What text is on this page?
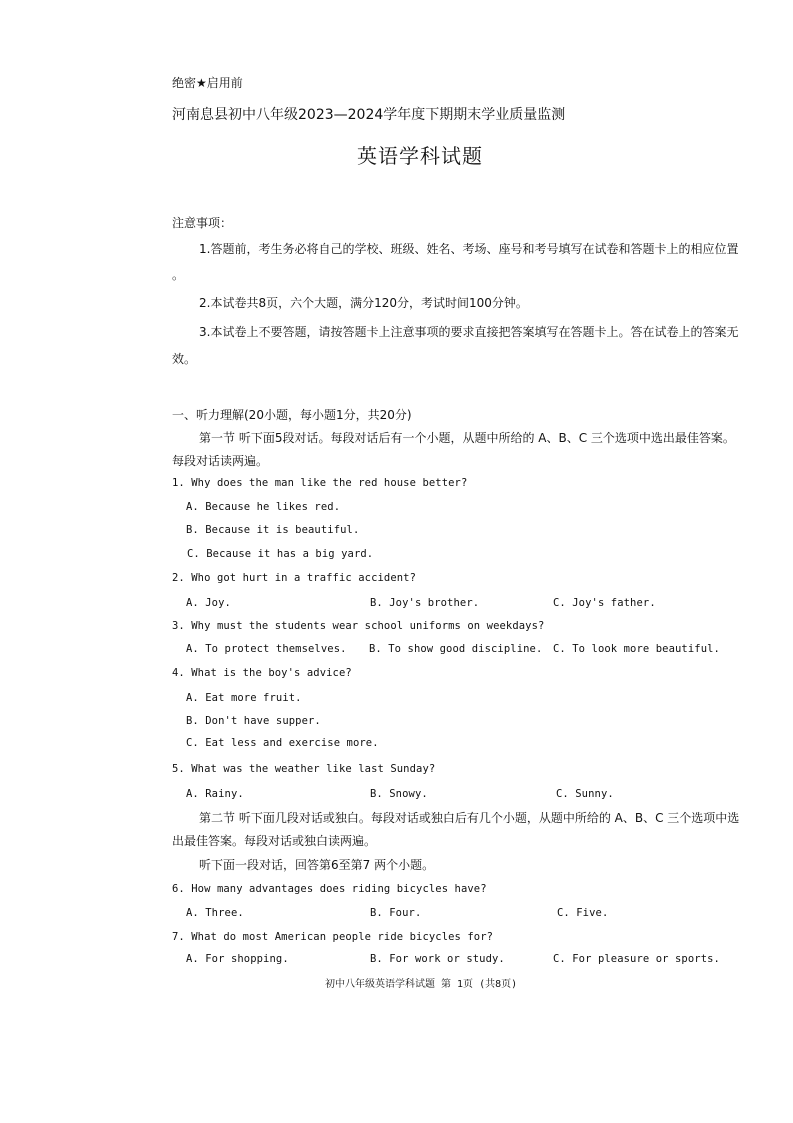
绝密★启用前
河南息县初中八年级2023—2024学年度下期期末学业质量监测
英语学科试题
注意事项：
1.答题前，考生务必将自己的学校、班级、姓名、考场、座号和考号填写在试卷和答题卡上的相应位置
。
2.本试卷共8页，六个大题，满分120分，考试时间100分钟。
3.本试卷上不要答题，请按答题卡上注意事项的要求直接把答案填写在答题卡上。答在试卷上的答案无
效。
一、听力理解(20小题，每小题1分，共20分)
第一节 听下面5段对话。每段对话后有一个小题，从题中所给的 A、B、C 三个选项中选出最佳答案。
每段对话读两遍。
1. Why does the man like the red house better?
A. Because he likes red.
B. Because it is beautiful.
C. Because it has a big yard.
2. Who got hurt in a traffic accident?
A. Joy.	B. Joy's brother.	C. Joy's father.
3. Why must the students wear school uniforms on weekdays?
A. To protect themselves. B. To show good discipline. C. To look more beautiful.
4. What is the boy's advice?
A. Eat more fruit.
B. Don't have supper.
C. Eat less and exercise more.
5. What was the weather like last Sunday?
A. Rainy.	B. Snowy.	C. Sunny.
第二节 听下面几段对话或独白。每段对话或独白后有几个小题，从题中所给的 A、B、C 三个选项中选
出最佳答案。每段对话或独白读两遍。
听下面一段对话，回答第6至第7 两个小题。
6. How many advantages does riding bicycles have?
A. Three.	B. Four.	C. Five.
7. What do most American people ride bicycles for?
A. For shopping.	B. For work or study.	C. For pleasure or sports.
初中八年级英语学科试题 第 1页 (共8页)
